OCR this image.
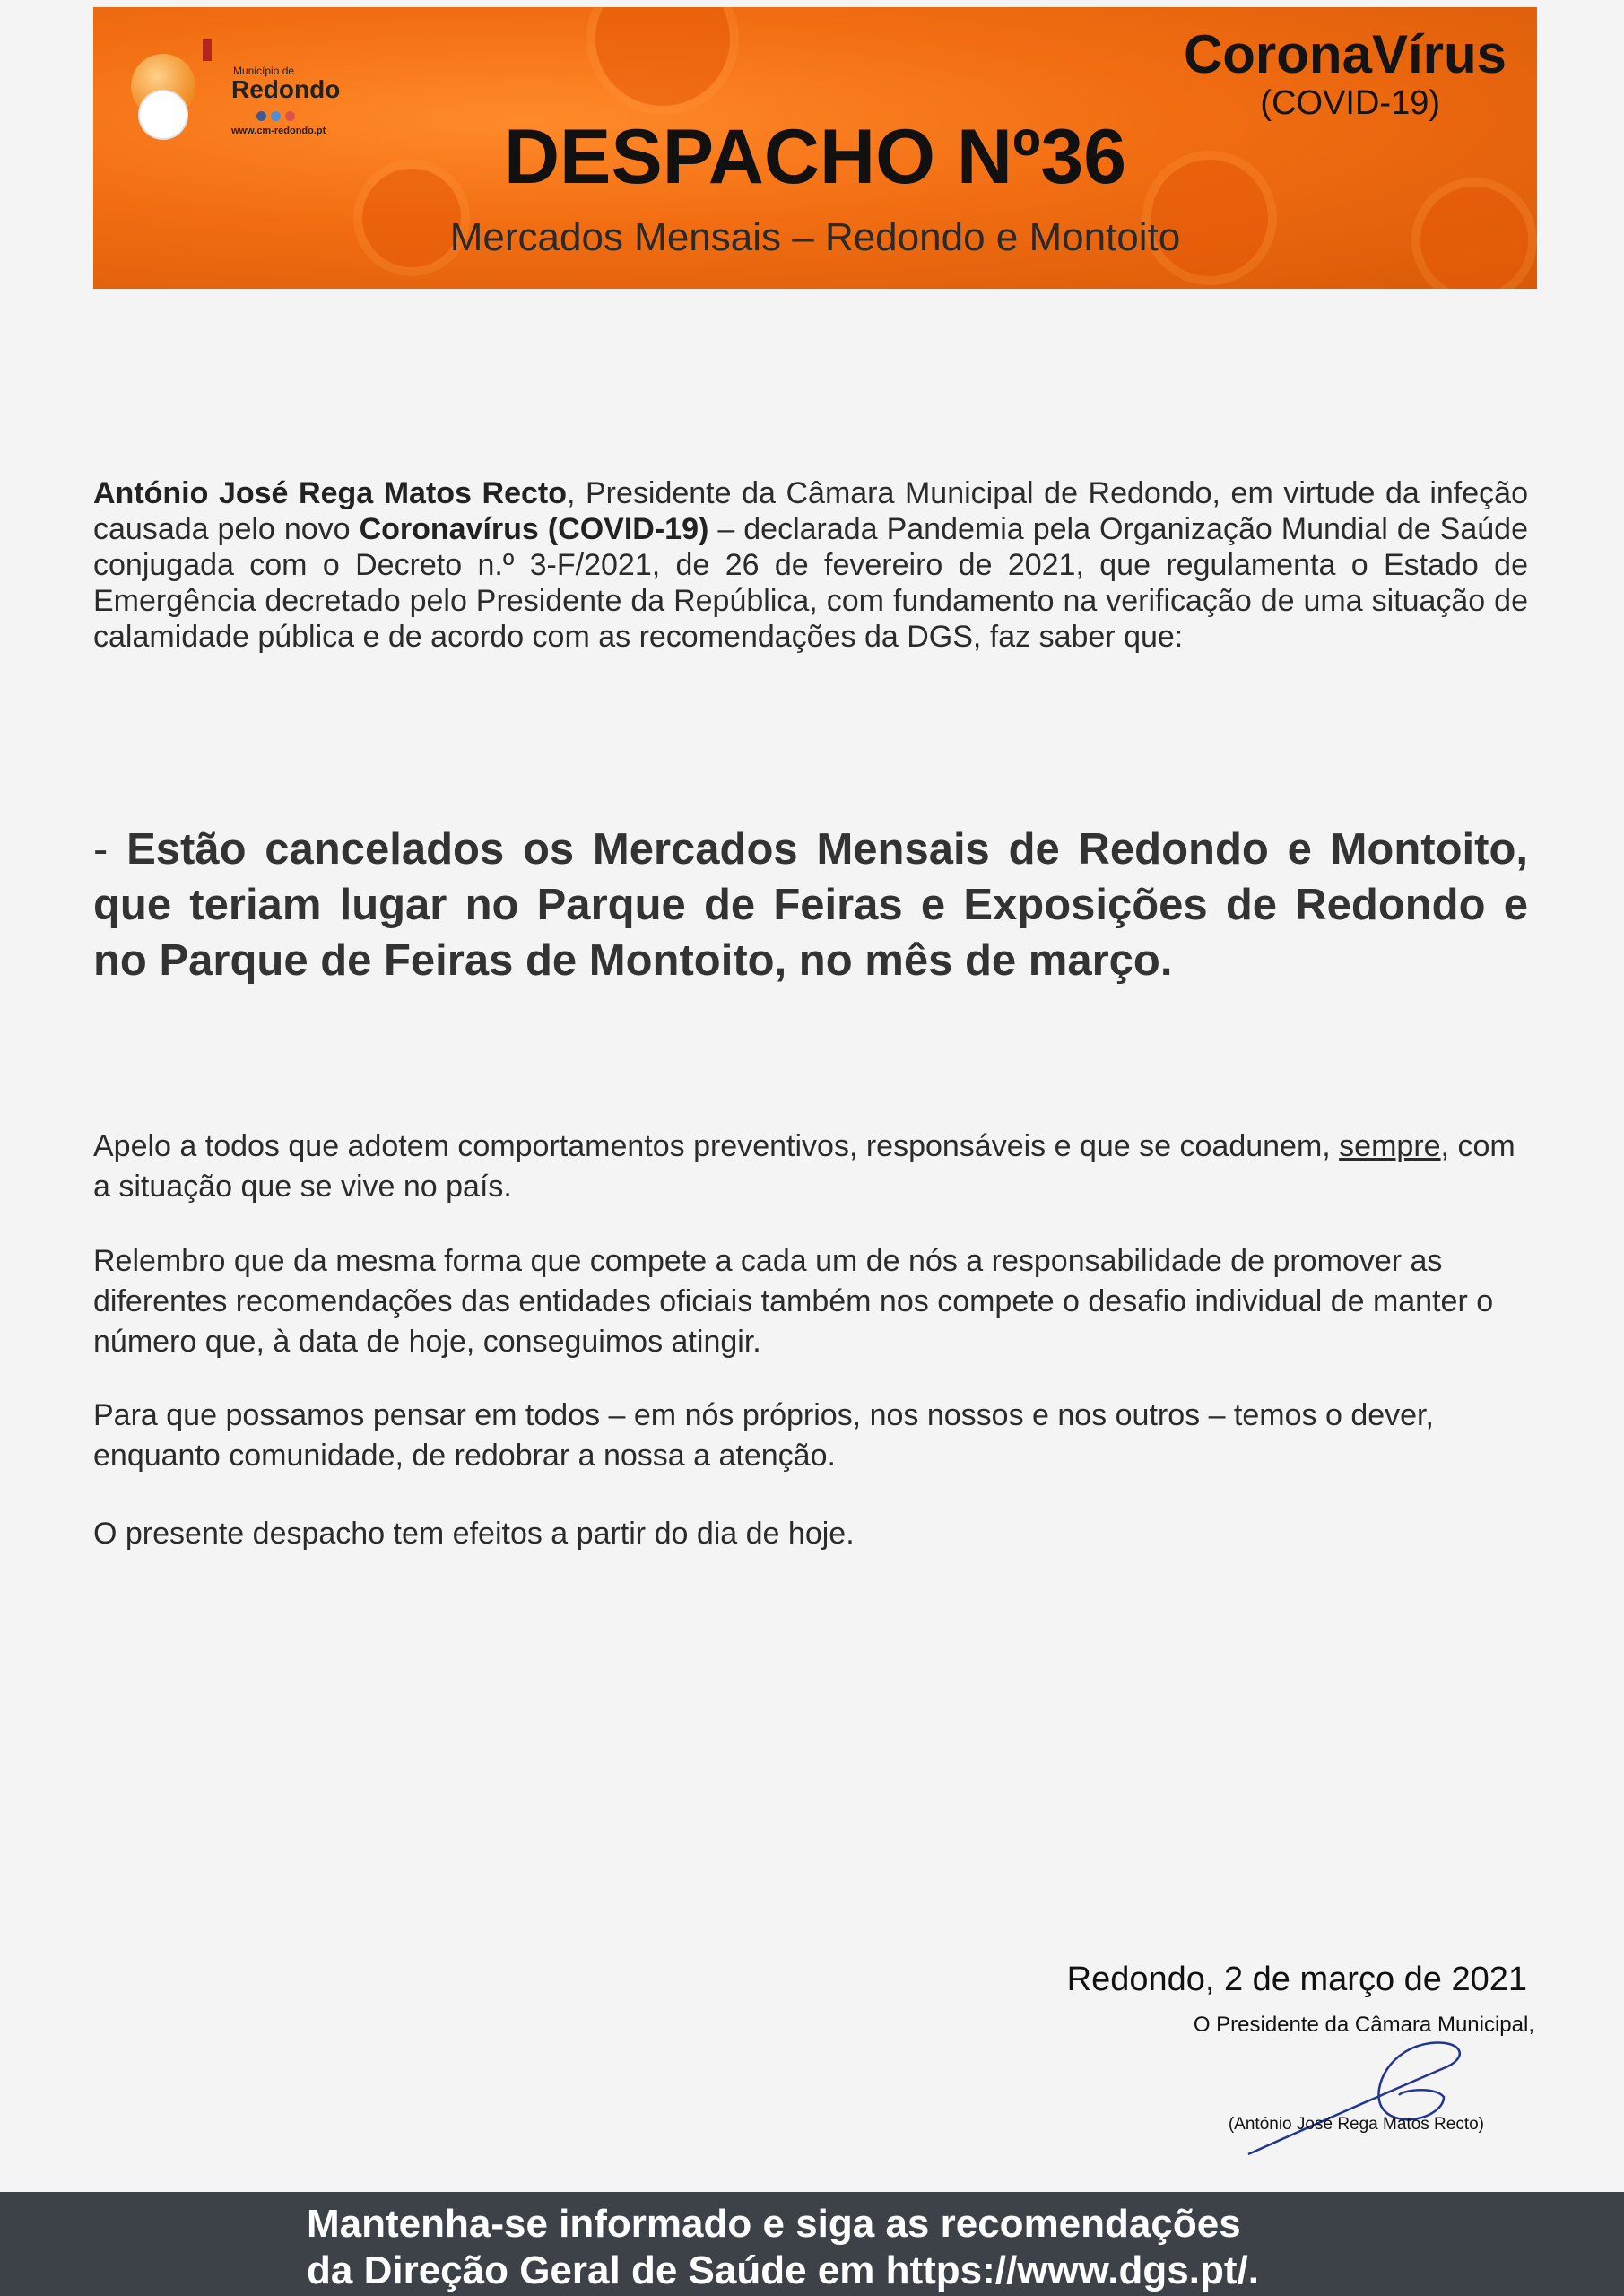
Município de
Redondo
www.cm-redondo.pt
CoronaVírus
(COVID-19)
DESPACHO Nº36
Mercados Mensais – Redondo e Montoito
António José Rega Matos Recto, Presidente da Câmara Municipal de Redondo, em virtude da infeção causada pelo novo Coronavírus (COVID-19) – declarada Pandemia pela Organização Mundial de Saúde conjugada com o Decreto n.º 3-F/2021, de 26 de fevereiro de 2021, que regulamenta o Estado de Emergência decretado pelo Presidente da República, com fundamento na verificação de uma situação de calamidade pública e de acordo com as recomendações da DGS, faz saber que:
- Estão cancelados os Mercados Mensais de Redondo e Montoito, que teriam lugar no Parque de Feiras e Exposições de Redondo e no Parque de Feiras de Montoito, no mês de março.
Apelo a todos que adotem comportamentos preventivos, responsáveis e que se coadunem, sempre, com a situação que se vive no país.
Relembro que da mesma forma que compete a cada um de nós a responsabilidade de promover as diferentes recomendações das entidades oficiais também nos compete o desafio individual de manter o número que, à data de hoje, conseguimos atingir.
Para que possamos pensar em todos – em nós próprios, nos nossos e nos outros – temos o dever, enquanto comunidade, de redobrar a nossa a atenção.
O presente despacho tem efeitos a partir do dia de hoje.
Redondo, 2 de março de 2021
O Presidente da Câmara Municipal,
(António José Rega Matos Recto)
Mantenha-se informado e siga as recomendações
da Direção Geral de Saúde em https://www.dgs.pt/.
